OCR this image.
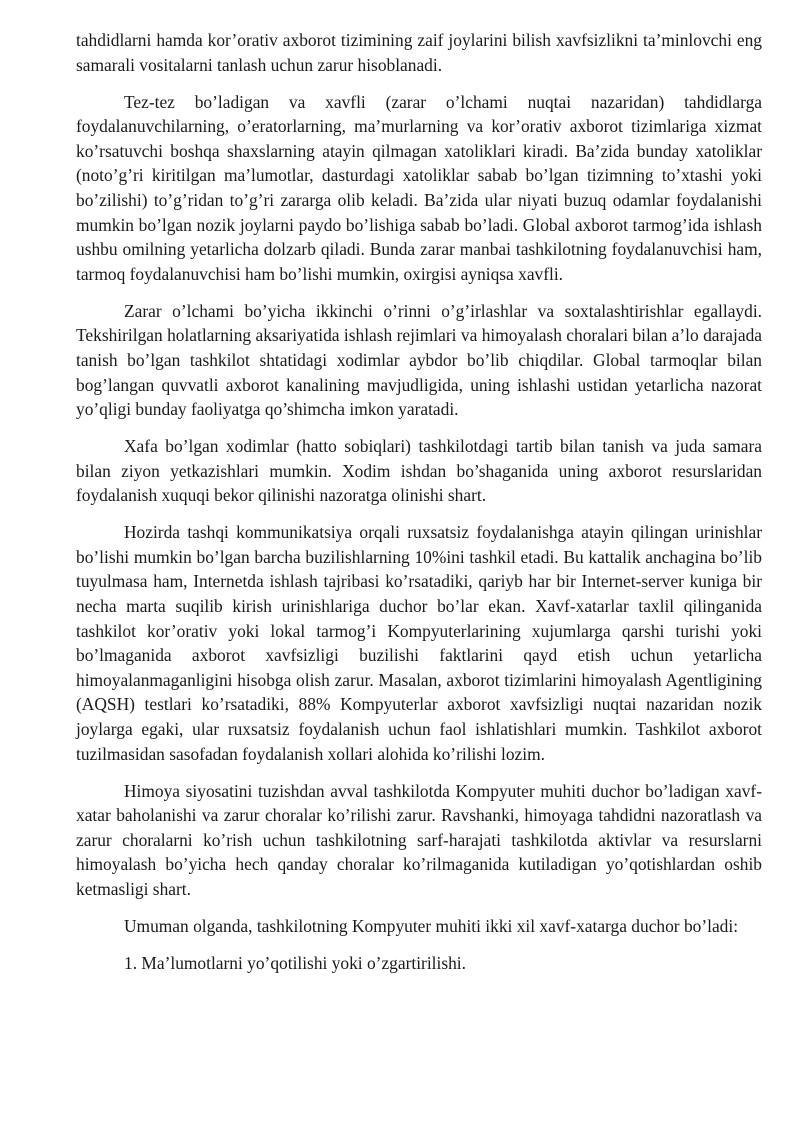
tahdidlarni hamda kor’orativ axborot tizimining zaif joylarini bilish xavfsizlikni ta’minlovchi eng samarali vositalarni tanlash uchun zarur hisoblanadi.

Tez-tez bo’ladigan va xavfli (zarar o’lchami nuqtai nazaridan) tahdidlarga foydalanuvchilarning, o’eratorlarning, ma’murlarning va kor’orativ axborot tizimlariga xizmat ko’rsatuvchi boshqa shaxslarning atayin qilmagan xatoliklari kiradi. Ba’zida bunday xatoliklar (noto’g’ri kiritilgan ma’lumotlar, dasturdagi xatoliklar sabab bo’lgan tizimning to’xtashi yoki bo’zilishi) to’g’ridan to’g’ri zararga olib keladi. Ba’zida ular niyati buzuq odamlar foydalanishi mumkin bo’lgan nozik joylarni paydo bo’lishiga sabab bo’ladi. Global axborot tarmog’ida ishlash ushbu omilning yetarlicha dolzarb qiladi. Bunda zarar manbai tashkilotning foydalanuvchisi ham, tarmoq foydalanuvchisi ham bo’lishi mumkin, oxirgisi ayniqsa xavfli.

Zarar o’lchami bo’yicha ikkinchi o’rinni o’g’irlashlar va soxtalashtirishlar egallaydi. Tekshirilgan holatlarning aksariyatida ishlash rejimlari va himoyalash choralari bilan a’lo darajada tanish bo’lgan tashkilot shtatidagi xodimlar aybdor bo’lib chiqdilar. Global tarmoqlar bilan bog’langan quvvatli axborot kanalining mavjudligida, uning ishlashi ustidan yetarlicha nazorat yo’qligi bunday faoliyatga qo’shimcha imkon yaratadi.

Xafa bo’lgan xodimlar (hatto sobiqlari) tashkilotdagi tartib bilan tanish va juda samara bilan ziyon yetkazishlari mumkin. Xodim ishdan bo’shaganida uning axborot resurslaridan foydalanish xuquqi bekor qilinishi nazoratga olinishi shart.

Hozirda tashqi kommunikatsiya orqali ruxsatsiz foydalanishga atayin qilingan urinishlar bo’lishi mumkin bo’lgan barcha buzilishlarning 10%ini tashkil etadi. Bu kattalik anchagina bo’lib tuyulmasa ham, Internetda ishlash tajribasi ko’rsatadiki, qariyb har bir Internet-server kuniga bir necha marta suqilib kirish urinishlariga duchor bo’lar ekan. Xavf-xatarlar taxlil qilinganida tashkilot kor’orativ yoki lokal tarmog’i Kompyuterlarining xujumlarga qarshi turishi yoki bo’lmaganida axborot xavfsizligi buzilishi faktlarini qayd etish uchun yetarlicha himoyalanmaganligini hisobga olish zarur. Masalan, axborot tizimlarini himoyalash Agentligining (AQSH) testlari ko’rsatadiki, 88% Kompyuterlar axborot xavfsizligi nuqtai nazaridan nozik joylarga egaki, ular ruxsatsiz foydalanish uchun faol ishlatishlari mumkin. Tashkilot axborot tuzilmasidan sasofadan foydalanish xollari alohida ko’rilishi lozim.

Himoya siyosatini tuzishdan avval tashkilotda Kompyuter muhiti duchor bo’ladigan xavf-xatar baholanishi va zarur choralar ko’rilishi zarur. Ravshanki, himoyaga tahdidni nazoratlash va zarur choralarni ko’rish uchun tashkilotning sarf-harajati tashkilotda aktivlar va resurslarni himoyalash bo’yicha hech qanday choralar ko’rilmaganida kutiladigan yo’qotishlardan oshib ketmasligi shart.

Umuman olganda, tashkilotning Kompyuter muhiti ikki xil xavf-xatarga duchor bo’ladi:

1. Ma’lumotlarni yo’qotilishi yoki o’zgartirilishi.
